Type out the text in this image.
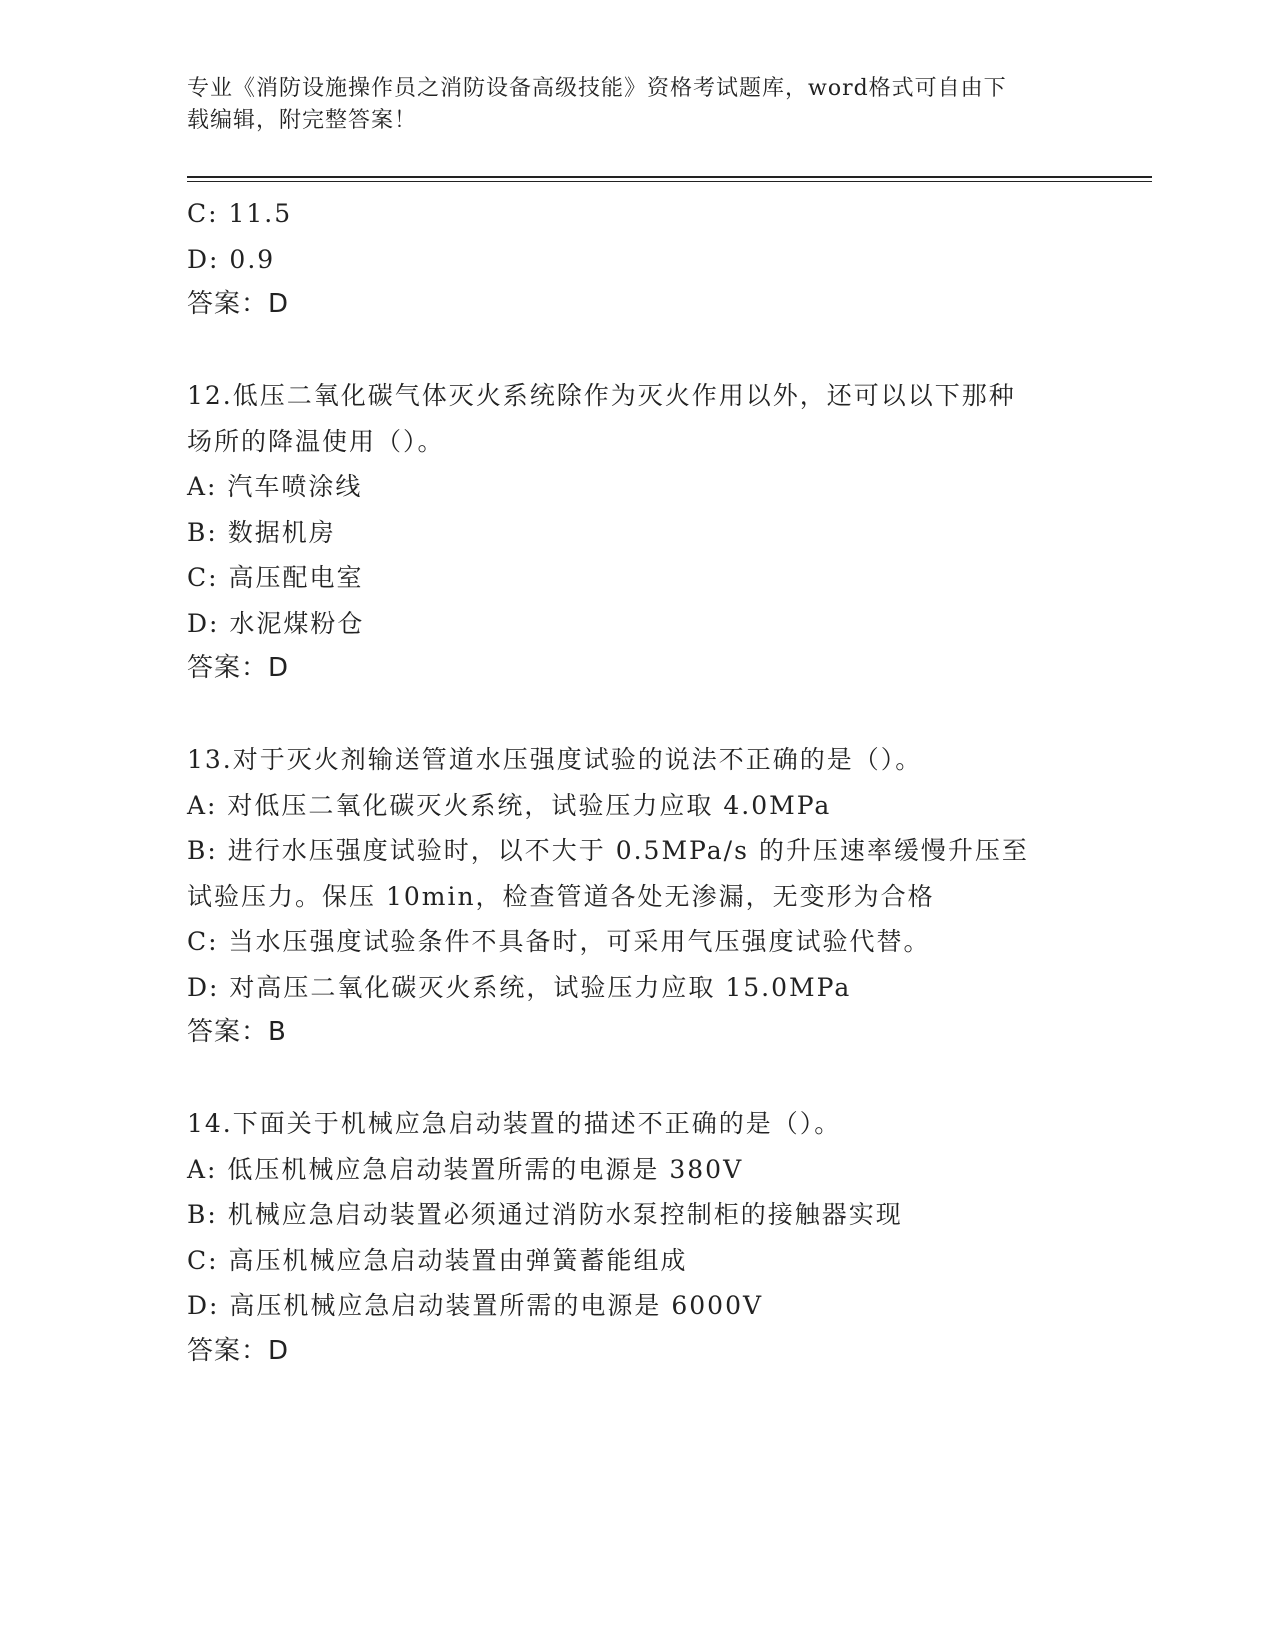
专业《消防设施操作员之消防设备高级技能》资格考试题库，word格式可自由下
载编辑，附完整答案！
C: 11.5
D: 0.9
答案：D
12.低压二氧化碳气体灭火系统除作为灭火作用以外，还可以以下那种
场所的降温使用（）。
A: 汽车喷涂线
B: 数据机房
C: 高压配电室
D: 水泥煤粉仓
答案：D
13.对于灭火剂输送管道水压强度试验的说法不正确的是（）。
A: 对低压二氧化碳灭火系统，试验压力应取 4.0MPa
B: 进行水压强度试验时，以不大于 0.5MPa/s 的升压速率缓慢升压至
试验压力。保压 10min，检查管道各处无渗漏，无变形为合格
C: 当水压强度试验条件不具备时，可采用气压强度试验代替。
D: 对高压二氧化碳灭火系统，试验压力应取 15.0MPa
答案：B
14.下面关于机械应急启动装置的描述不正确的是（）。
A: 低压机械应急启动装置所需的电源是 380V
B: 机械应急启动装置必须通过消防水泵控制柜的接触器实现
C: 高压机械应急启动装置由弹簧蓄能组成
D: 高压机械应急启动装置所需的电源是 6000V
答案：D
